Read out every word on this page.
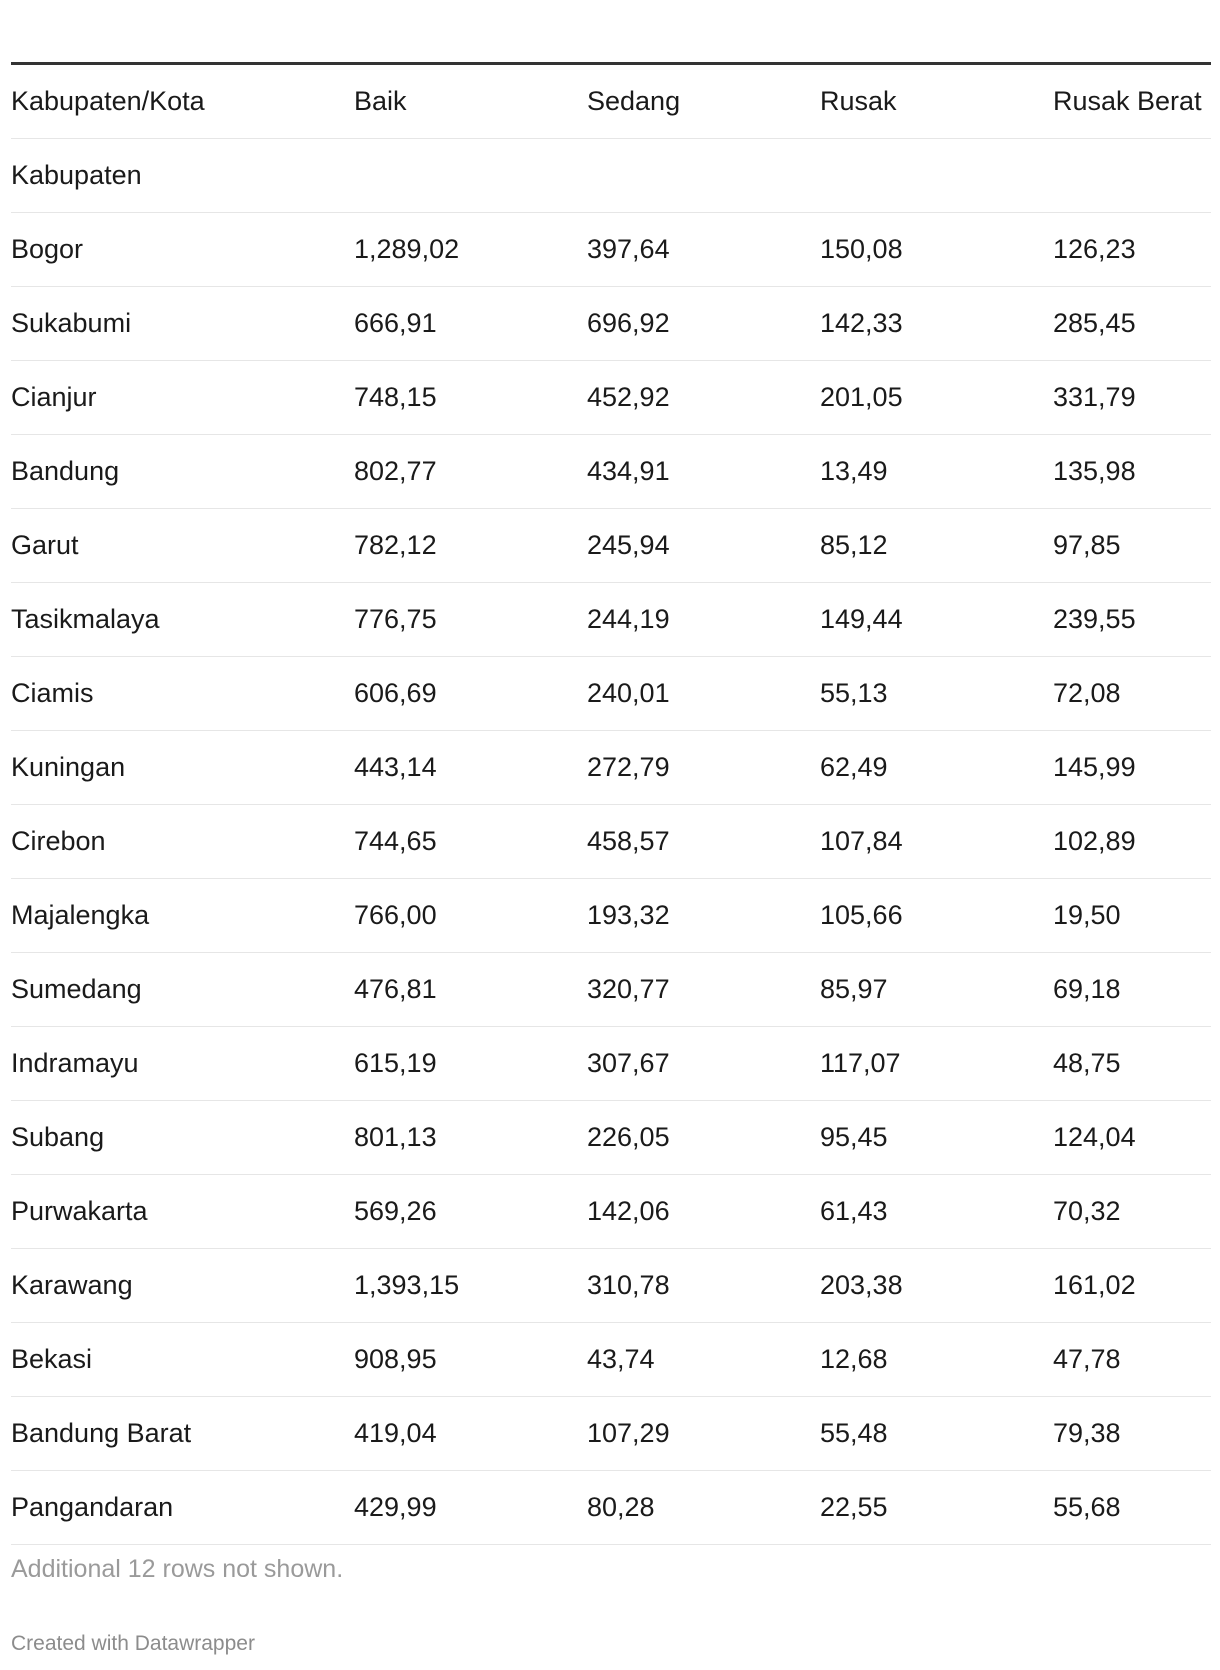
Kabupaten/Kota	Baik	Sedang	Rusak	Rusak Berat
Kabupaten				
Bogor	1,289,02	397,64	150,08	126,23
Sukabumi	666,91	696,92	142,33	285,45
Cianjur	748,15	452,92	201,05	331,79
Bandung	802,77	434,91	13,49	135,98
Garut	782,12	245,94	85,12	97,85
Tasikmalaya	776,75	244,19	149,44	239,55
Ciamis	606,69	240,01	55,13	72,08
Kuningan	443,14	272,79	62,49	145,99
Cirebon	744,65	458,57	107,84	102,89
Majalengka	766,00	193,32	105,66	19,50
Sumedang	476,81	320,77	85,97	69,18
Indramayu	615,19	307,67	117,07	48,75
Subang	801,13	226,05	95,45	124,04
Purwakarta	569,26	142,06	61,43	70,32
Karawang	1,393,15	310,78	203,38	161,02
Bekasi	908,95	43,74	12,68	47,78
Bandung Barat	419,04	107,29	55,48	79,38
Pangandaran	429,99	80,28	22,55	55,68
Additional 12 rows not shown.
Created with Datawrapper
